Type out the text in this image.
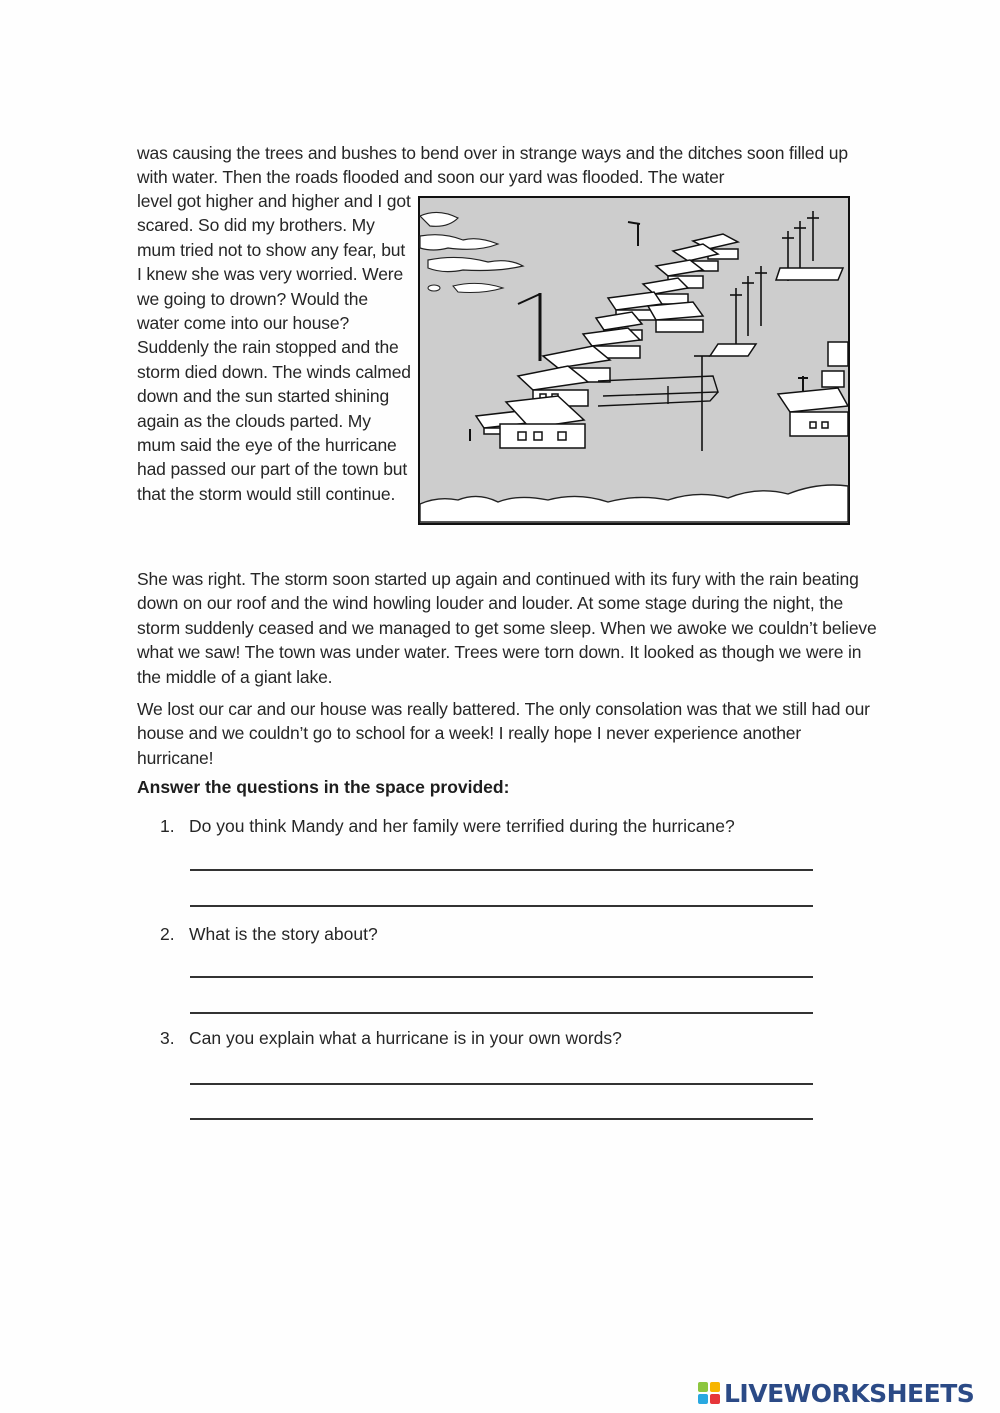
was causing the trees and bushes to bend over in strange ways and the ditches soon filled up with water. Then the roads flooded and soon our yard was flooded. The water

level got higher and higher and I got scared. So did my brothers. My mum tried not to show any fear, but I knew she was very worried. Were we going to drown? Would the water come into our house? Suddenly the rain stopped and the storm died down. The winds calmed down and the sun started shining again as the clouds parted. My mum said the eye of the hurricane had passed our part of the town but that the storm would still continue.

She was right. The storm soon started up again and continued with its fury with the rain beating down on our roof and the wind howling louder and louder. At some stage during the night, the storm suddenly ceased and we managed to get some sleep. When we awoke we couldn’t believe what we saw! The town was under water. Trees were torn down. It looked as though we were in the middle of a giant lake.

We lost our car and our house was really battered. The only consolation was that we still had our house and we couldn’t go to school for a week! I really hope I never experience another hurricane!

Answer the questions in the space provided:
1. Do you think Mandy and her family were terrified during the hurricane?
2. What is the story about?
3. Can you explain what a hurricane is in your own words?
LIVEWORKSHEETS
